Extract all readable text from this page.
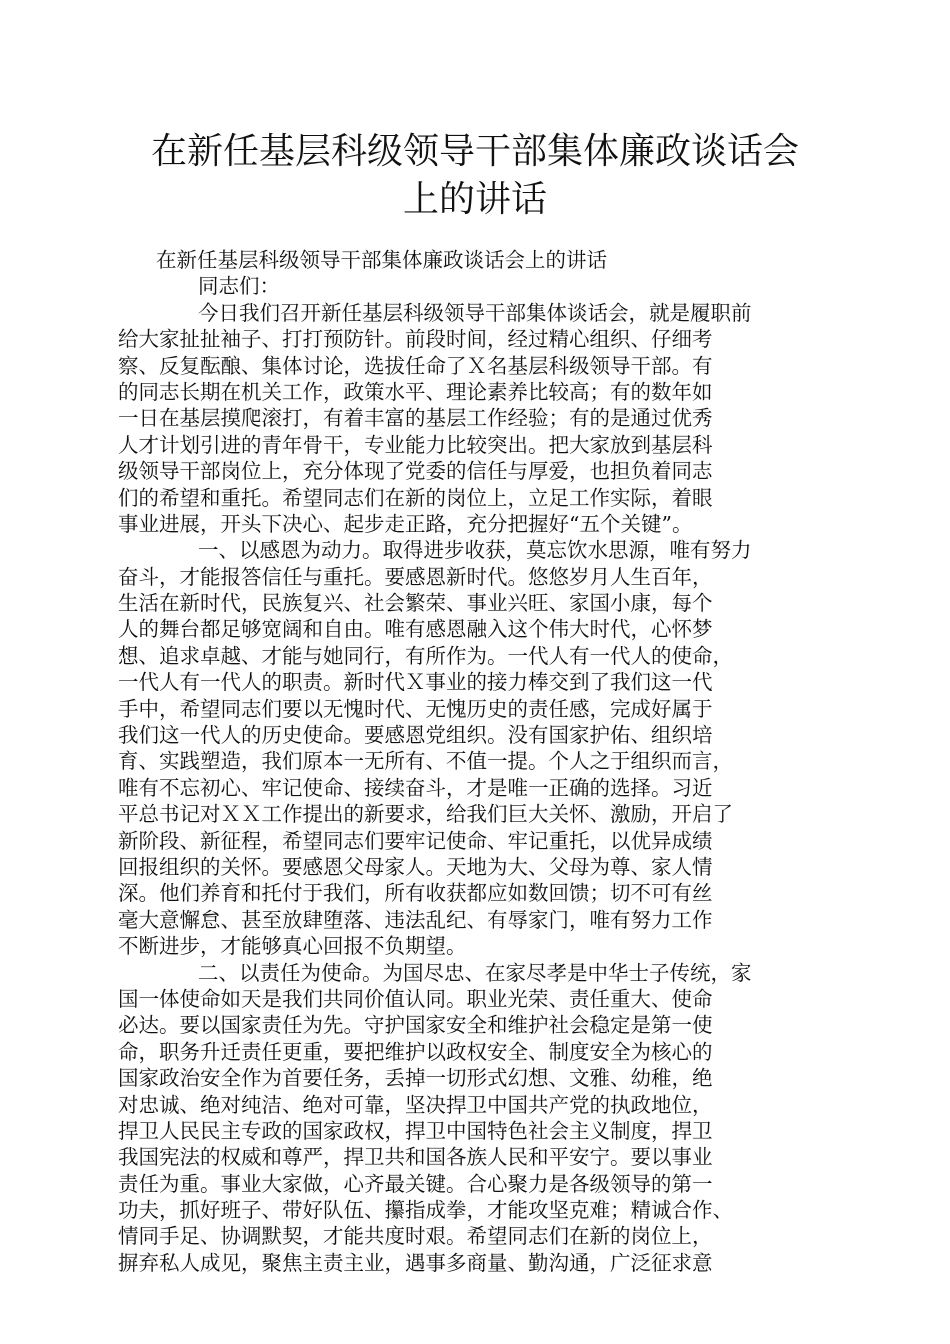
在新任基层科级领导干部集体廉政谈话会
上的讲话
在新任基层科级领导干部集体廉政谈话会上的讲话
同志们：
今日我们召开新任基层科级领导干部集体谈话会，就是履职前
给大家扯扯袖子、打打预防针。前段时间，经过精心组织、仔细考
察、反复酝酿、集体讨论，选拔任命了Ｘ名基层科级领导干部。有
的同志长期在机关工作，政策水平、理论素养比较高；有的数年如
一日在基层摸爬滚打，有着丰富的基层工作经验；有的是通过优秀
人才计划引进的青年骨干，专业能力比较突出。把大家放到基层科
级领导干部岗位上，充分体现了党委的信任与厚爱，也担负着同志
们的希望和重托。希望同志们在新的岗位上，立足工作实际，着眼
事业进展，开头下决心、起步走正路，充分把握好“五个关键”。
一、以感恩为动力。取得进步收获，莫忘饮水思源，唯有努力
奋斗，才能报答信任与重托。要感恩新时代。悠悠岁月人生百年，
生活在新时代，民族复兴、社会繁荣、事业兴旺、家国小康，每个
人的舞台都足够宽阔和自由。唯有感恩融入这个伟大时代，心怀梦
想、追求卓越、才能与她同行，有所作为。一代人有一代人的使命，
一代人有一代人的职责。新时代Ｘ事业的接力棒交到了我们这一代
手中，希望同志们要以无愧时代、无愧历史的责任感，完成好属于
我们这一代人的历史使命。要感恩党组织。没有国家护佑、组织培
育、实践塑造，我们原本一无所有、不值一提。个人之于组织而言，
唯有不忘初心、牢记使命、接续奋斗，才是唯一正确的选择。习近
平总书记对ＸＸ工作提出的新要求，给我们巨大关怀、激励，开启了
新阶段、新征程，希望同志们要牢记使命、牢记重托，以优异成绩
回报组织的关怀。要感恩父母家人。天地为大、父母为尊、家人情
深。他们养育和托付于我们，所有收获都应如数回馈；切不可有丝
毫大意懈怠、甚至放肆堕落、违法乱纪、有辱家门，唯有努力工作
不断进步，才能够真心回报不负期望。
二、以责任为使命。为国尽忠、在家尽孝是中华士子传统，家
国一体使命如天是我们共同价值认同。职业光荣、责任重大、使命
必达。要以国家责任为先。守护国家安全和维护社会稳定是第一使
命，职务升迁责任更重，要把维护以政权安全、制度安全为核心的
国家政治安全作为首要任务，丢掉一切形式幻想、文雅、幼稚，绝
对忠诚、绝对纯洁、绝对可靠，坚决捍卫中国共产党的执政地位，
捍卫人民民主专政的国家政权，捍卫中国特色社会主义制度，捍卫
我国宪法的权威和尊严，捍卫共和国各族人民和平安宁。要以事业
责任为重。事业大家做，心齐最关键。合心聚力是各级领导的第一
功夫，抓好班子、带好队伍、攥指成拳，才能攻坚克难；精诚合作、
情同手足、协调默契，才能共度时艰。希望同志们在新的岗位上，
摒弃私人成见，聚焦主责主业，遇事多商量、勤沟通，广泛征求意
